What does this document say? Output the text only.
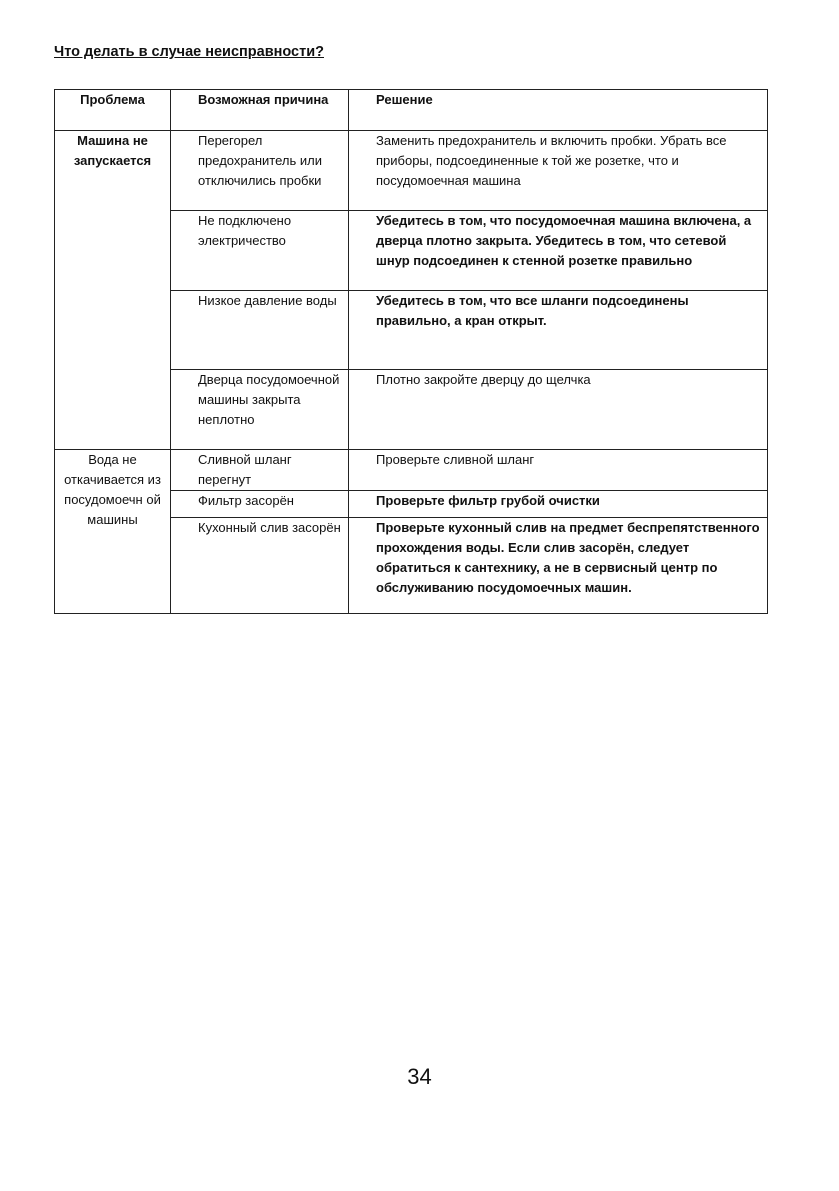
Что делать в случае неисправности?
Проблема	Возможная причина	Решение
Машина не запускается	Перегорел предохранитель или отключились пробки	Заменить предохранитель и включить пробки. Убрать все приборы, подсоединенные к той же розетке, что и посудомоечная машина
	Не подключено электричество	Убедитесь в том, что посудомоечная машина включена, а дверца плотно закрыта. Убедитесь в том, что сетевой шнур подсоединен к стенной розетке правильно
	Низкое давление воды	Убедитесь в том, что все шланги подсоединены правильно, а кран открыт.
	Дверца посудомоечной машины закрыта неплотно	Плотно закройте дверцу до щелчка
Вода не откачивается из посудомоечн ой машины	Сливной шланг перегнут	Проверьте сливной шланг
	Фильтр засорён	Проверьте фильтр грубой очистки
	Кухонный слив засорён	Проверьте кухонный слив на предмет беспрепятственного прохождения воды. Если слив засорён, следует обратиться к сантехнику, а не в сервисный центр по обслуживанию посудомоечных машин.
34
